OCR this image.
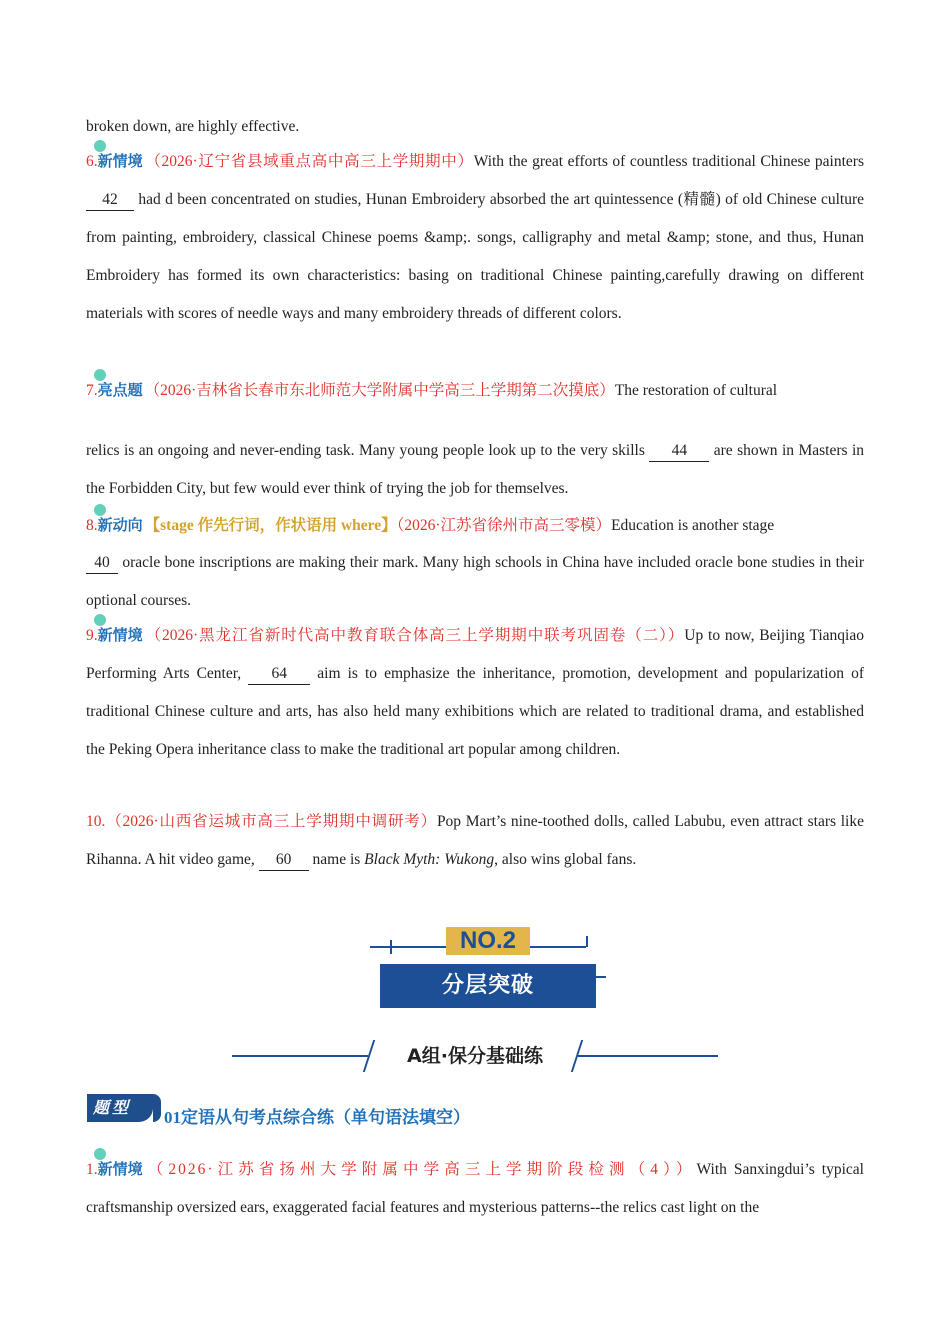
broken down, are highly effective.

6.
新情境 （2026·辽宁省县域重点高中高三上学期期中）With the great efforts of countless traditional Chinese painters 42 had d been concentrated on studies, Hunan Embroidery absorbed the art quintessence (精髓) of old Chinese culture from painting, embroidery, classical Chinese poems &amp;. songs, calligraphy and metal &amp; stone, and thus, Hunan Embroidery has formed its own characteristics: basing on traditional Chinese painting,carefully drawing on different materials with scores of needle ways and many embroidery threads of different colors.

7.
亮点题 （2026·吉林省长春市东北师范大学附属中学高三上学期第二次摸底）The restoration of cultural

relics is an ongoing and never-ending task. Many young people look up to the very skills 44 are shown in Masters in the Forbidden City, but few would ever think of trying the job for themselves.

8.
新动向 【stage 作先行词，作状语用 where】（2026·江苏省徐州市高三零模）Education is another stage

40 oracle bone inscriptions are making their mark. Many high schools in China have included oracle bone studies in their optional courses.

9.
新情境 （2026·黑龙江省新时代高中教育联合体高三上学期期中联考巩固卷（二））Up to now, Beijing Tianqiao Performing Arts Center, 64 aim is to emphasize the inheritance, promotion, development and popularization of traditional Chinese culture and arts, has also held many exhibitions which are related to traditional drama, and established the Peking Opera inheritance class to make the traditional art popular among children.

10.（2026·山西省运城市高三上学期期中调研考）Pop Mart’s nine-toothed dolls, called Labubu, even attract stars like Rihanna. A hit video game, 60 name is Black Myth: Wukong, also wins global fans.

NO.2
分层突破
A组·保分基础练
题型
01定语从句考点综合练（单句语法填空）

1.
新情境 （2026·江苏省扬州大学附属中学高三上学期阶段检测（4））With Sanxingdui’s typical craftsmanship oversized ears, exaggerated facial features and mysterious patterns--the relics cast light on the
